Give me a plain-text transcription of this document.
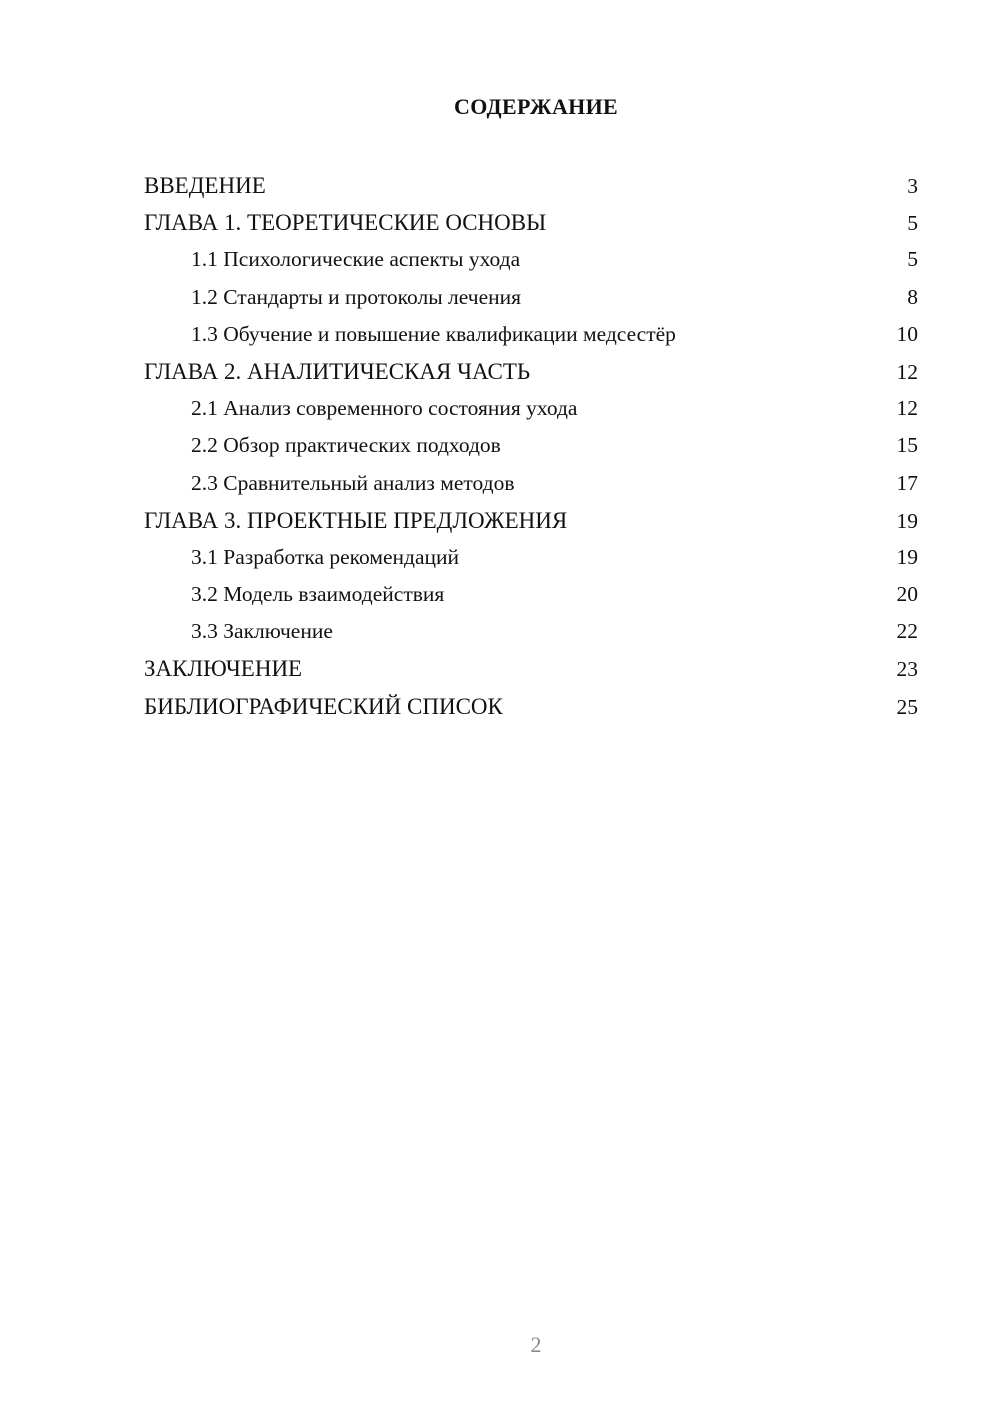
СОДЕРЖАНИЕ
ВВЕДЕНИЕ	3
ГЛАВА 1. ТЕОРЕТИЧЕСКИЕ ОСНОВЫ	5
1.1 Психологические аспекты ухода	5
1.2 Стандарты и протоколы лечения	8
1.3 Обучение и повышение квалификации медсестёр	10
ГЛАВА 2. АНАЛИТИЧЕСКАЯ ЧАСТЬ	12
2.1 Анализ современного состояния ухода	12
2.2 Обзор практических подходов	15
2.3 Сравнительный анализ методов	17
ГЛАВА 3. ПРОЕКТНЫЕ ПРЕДЛОЖЕНИЯ	19
3.1 Разработка рекомендаций	19
3.2 Модель взаимодействия	20
3.3 Заключение	22
ЗАКЛЮЧЕНИЕ	23
БИБЛИОГРАФИЧЕСКИЙ СПИСОК	25
2
